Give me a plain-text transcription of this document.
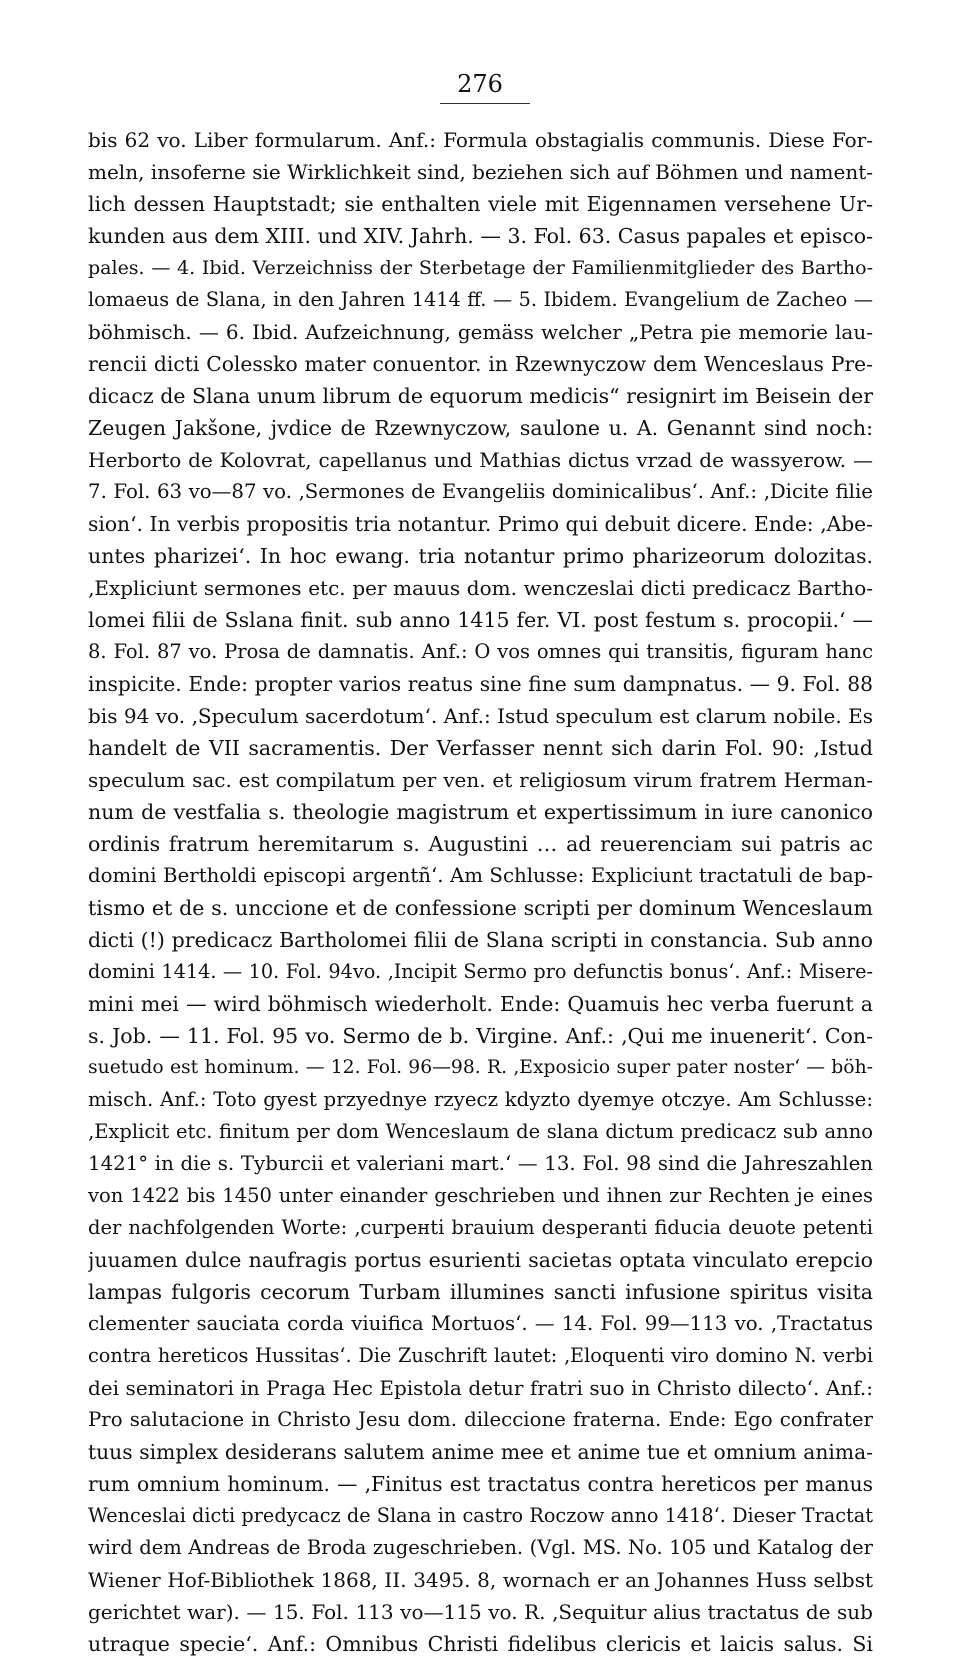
276
bis 62 vo. Liber formularum. Anf.: Formula obstagialis communis. Diese For-
meln, insoferne sie Wirklichkeit sind, beziehen sich auf Böhmen und nament-
lich dessen Hauptstadt; sie enthalten viele mit Eigennamen versehene Ur-
kunden aus dem XIII. und XIV. Jahrh. — 3. Fol. 63. Casus papales et episco-
pales. — 4. Ibid. Verzeichniss der Sterbetage der Familienmitglieder des Bartho-
lomaeus de Slana, in den Jahren 1414 ff. — 5. Ibidem. Evangelium de Zacheo —
böhmisch. — 6. Ibid. Aufzeichnung, gemäss welcher „Petra pie memorie lau-
rencii dicti Colessko mater conuentor. in Rzewnyczow dem Wenceslaus Pre-
dicacz de Slana unum librum de equorum medicis“ resignirt im Beisein der
Zeugen Jakšone, jvdice de Rzewnyczow, saulone u. A. Genannt sind noch:
Herborto de Kolovrat, capellanus und Mathias dictus vrzad de wassyerow. —
7. Fol. 63 vo—87 vo. ‚Sermones de Evangeliis dominicalibus‘. Anf.: ‚Dicite filie
sion‘. In verbis propositis tria notantur. Primo qui debuit dicere. Ende: ‚Abe-
untes pharizei‘. In hoc ewang. tria notantur primo pharizeorum dolozitas.
‚Expliciunt sermones etc. per mauus dom. wenczeslai dicti predicacz Bartho-
lomei filii de Sslana finit. sub anno 1415 fer. VI. post festum s. procopii.‘ —
8. Fol. 87 vo. Prosa de damnatis. Anf.: O vos omnes qui transitis, figuram hanc
inspicite. Ende: propter varios reatus sine fine sum dampnatus. — 9. Fol. 88
bis 94 vo. ‚Speculum sacerdotum‘. Anf.: Istud speculum est clarum nobile. Es
handelt de VII sacramentis. Der Verfasser nennt sich darin Fol. 90: ‚Istud
speculum sac. est compilatum per ven. et religiosum virum fratrem Herman-
num de vestfalia s. theologie magistrum et expertissimum in iure canonico
ordinis fratrum heremitarum s. Augustini … ad reuerenciam sui patris ac
domini Bertholdi episcopi argentñ‘. Am Schlusse: Expliciunt tractatuli de bap-
tismo et de s. unccione et de confessione scripti per dominum Wenceslaum
dicti (!) predicacz Bartholomei filii de Slana scripti in constancia. Sub anno
domini 1414. — 10. Fol. 94vo. ‚Incipit Sermo pro defunctis bonus‘. Anf.: Misere-
mini mei — wird böhmisch wiederholt. Ende: Quamuis hec verba fuerunt a
s. Job. — 11. Fol. 95 vo. Sermo de b. Virgine. Anf.: ‚Qui me inuenerit‘. Con-
suetudo est hominum. — 12. Fol. 96—98. R. ‚Exposicio super pater noster‘ — böh-
misch. Anf.: Toto gyest przyednye rzyecz kdyzto dyemye otczye. Am Schlusse:
‚Explicit etc. finitum per dom Wenceslaum de slana dictum predicacz sub anno
1421° in die s. Tyburcii et valeriani mart.‘ — 13. Fol. 98 sind die Jahreszahlen
von 1422 bis 1450 unter einander geschrieben und ihnen zur Rechten je eines
der nachfolgenden Worte: ‚curренti brauium desperanti fiducia deuote petenti
juuamen dulce naufragis portus esurienti sacietas optata vinculato erepcio
lampas fulgoris cecorum Turbam illumines sancti infusione spiritus visita
clementer sauciata corda viuifica Mortuos‘. — 14. Fol. 99—113 vo. ‚Tractatus
contra hereticos Hussitas‘. Die Zuschrift lautet: ‚Eloquenti viro domino N. verbi
dei seminatori in Praga Hec Epistola detur fratri suo in Christo dilecto‘. Anf.:
Pro salutacione in Christo Jesu dom. dileccione fraterna. Ende: Ego confrater
tuus simplex desiderans salutem anime mee et anime tue et omnium anima-
rum omnium hominum. — ‚Finitus est tractatus contra hereticos per manus
Wenceslai dicti predycacz de Slana in castro Roczow anno 1418‘. Dieser Tractat
wird dem Andreas de Broda zugeschrieben. (Vgl. MS. No. 105 und Katalog der
Wiener Hof-Bibliothek 1868, II. 3495. 8, wornach er an Johannes Huss selbst
gerichtet war). — 15. Fol. 113 vo—115 vo. R. ‚Sequitur alius tractatus de sub
utraque specie‘. Anf.: Omnibus Christi fidelibus clericis et laicis salus. Si
